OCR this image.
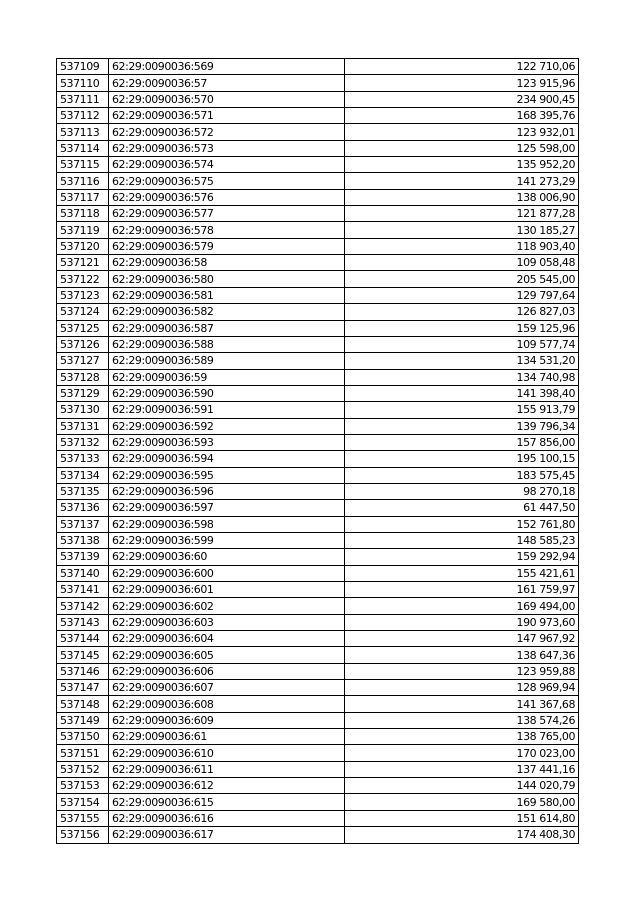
537109	62:29:0090036:569	122 710,06
537110	62:29:0090036:57	123 915,96
537111	62:29:0090036:570	234 900,45
537112	62:29:0090036:571	168 395,76
537113	62:29:0090036:572	123 932,01
537114	62:29:0090036:573	125 598,00
537115	62:29:0090036:574	135 952,20
537116	62:29:0090036:575	141 273,29
537117	62:29:0090036:576	138 006,90
537118	62:29:0090036:577	121 877,28
537119	62:29:0090036:578	130 185,27
537120	62:29:0090036:579	118 903,40
537121	62:29:0090036:58	109 058,48
537122	62:29:0090036:580	205 545,00
537123	62:29:0090036:581	129 797,64
537124	62:29:0090036:582	126 827,03
537125	62:29:0090036:587	159 125,96
537126	62:29:0090036:588	109 577,74
537127	62:29:0090036:589	134 531,20
537128	62:29:0090036:59	134 740,98
537129	62:29:0090036:590	141 398,40
537130	62:29:0090036:591	155 913,79
537131	62:29:0090036:592	139 796,34
537132	62:29:0090036:593	157 856,00
537133	62:29:0090036:594	195 100,15
537134	62:29:0090036:595	183 575,45
537135	62:29:0090036:596	98 270,18
537136	62:29:0090036:597	61 447,50
537137	62:29:0090036:598	152 761,80
537138	62:29:0090036:599	148 585,23
537139	62:29:0090036:60	159 292,94
537140	62:29:0090036:600	155 421,61
537141	62:29:0090036:601	161 759,97
537142	62:29:0090036:602	169 494,00
537143	62:29:0090036:603	190 973,60
537144	62:29:0090036:604	147 967,92
537145	62:29:0090036:605	138 647,36
537146	62:29:0090036:606	123 959,88
537147	62:29:0090036:607	128 969,94
537148	62:29:0090036:608	141 367,68
537149	62:29:0090036:609	138 574,26
537150	62:29:0090036:61	138 765,00
537151	62:29:0090036:610	170 023,00
537152	62:29:0090036:611	137 441,16
537153	62:29:0090036:612	144 020,79
537154	62:29:0090036:615	169 580,00
537155	62:29:0090036:616	151 614,80
537156	62:29:0090036:617	174 408,30
